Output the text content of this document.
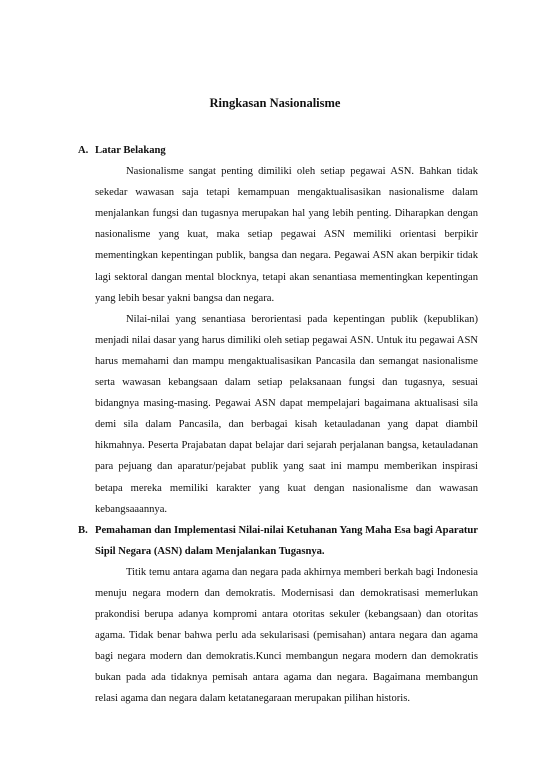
Ringkasan Nasionalisme

A. Latar Belakang

Nasionalisme sangat penting dimiliki oleh setiap pegawai ASN. Bahkan tidak sekedar wawasan saja tetapi kemampuan mengaktualisasikan nasionalisme dalam menjalankan fungsi dan tugasnya merupakan hal yang lebih penting. Diharapkan dengan nasionalisme yang kuat, maka setiap pegawai ASN memiliki orientasi berpikir mementingkan kepentingan publik, bangsa dan negara. Pegawai ASN akan berpikir tidak lagi sektoral dangan mental blocknya, tetapi akan senantiasa mementingkan kepentingan yang lebih besar yakni bangsa dan negara.

Nilai-nilai yang senantiasa berorientasi pada kepentingan publik (kepublikan) menjadi nilai dasar yang harus dimiliki oleh setiap pegawai ASN. Untuk itu pegawai ASN harus memahami dan mampu mengaktualisasikan Pancasila dan semangat nasionalisme serta wawasan kebangsaan dalam setiap pelaksanaan fungsi dan tugasnya, sesuai bidangnya masing-masing. Pegawai ASN dapat mempelajari bagaimana aktualisasi sila demi sila dalam Pancasila, dan berbagai kisah ketauladanan yang dapat diambil hikmahnya. Peserta Prajabatan dapat belajar dari sejarah perjalanan bangsa, ketauladanan para pejuang dan aparatur/pejabat publik yang saat ini mampu memberikan inspirasi betapa mereka memiliki karakter yang kuat dengan nasionalisme dan wawasan kebangsaaannya.

B. Pemahaman dan Implementasi Nilai-nilai Ketuhanan Yang Maha Esa bagi Aparatur Sipil Negara (ASN) dalam Menjalankan Tugasnya.

Titik temu antara agama dan negara pada akhirnya memberi berkah bagi Indonesia menuju negara modern dan demokratis. Modernisasi dan demokratisasi memerlukan prakondisi berupa adanya kompromi antara otoritas sekuler (kebangsaan) dan otoritas agama. Tidak benar bahwa perlu ada sekularisasi (pemisahan) antara negara dan agama bagi negara modern dan demokratis.Kunci membangun negara modern dan demokratis bukan pada ada tidaknya pemisah antara agama dan negara. Bagaimana membangun relasi agama dan negara dalam ketatanegaraan merupakan pilihan historis.
